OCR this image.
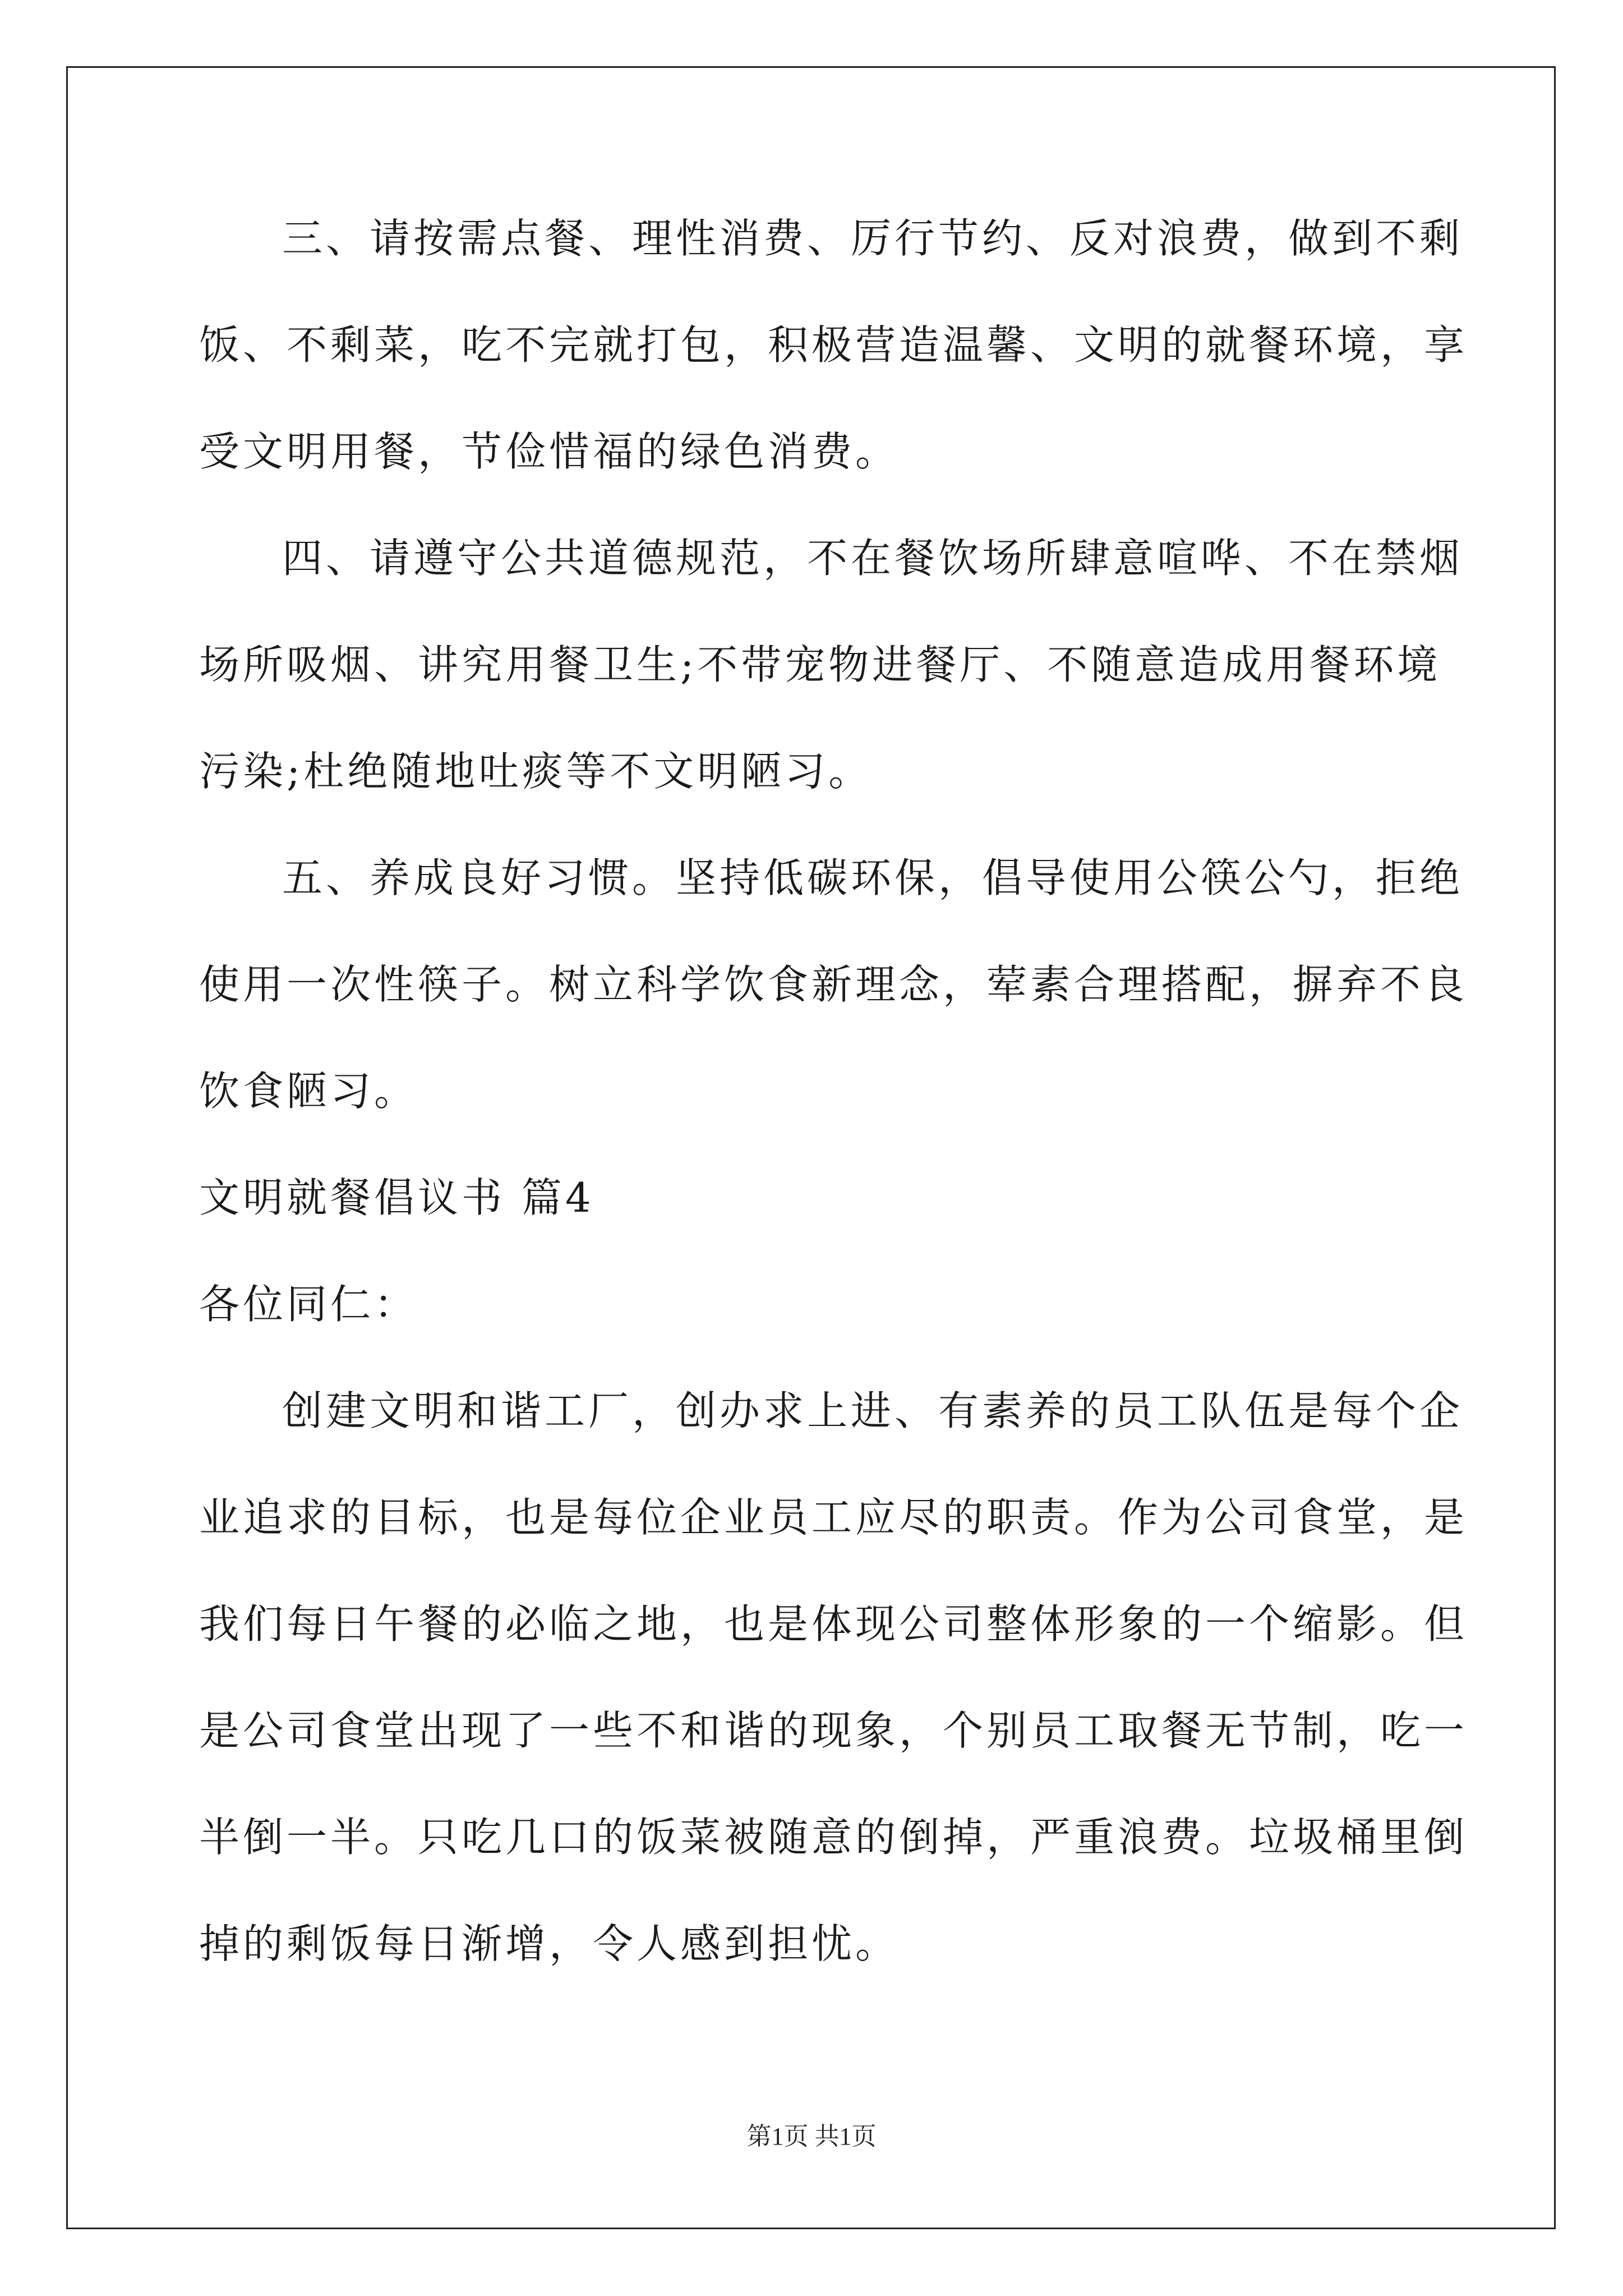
三、请按需点餐、理性消费、厉行节约、反对浪费，做到不剩饭、不剩菜，吃不完就打包，积极营造温馨、文明的就餐环境，享受文明用餐，节俭惜福的绿色消费。

四、请遵守公共道德规范，不在餐饮场所肆意喧哗、不在禁烟场所吸烟、讲究用餐卫生;不带宠物进餐厅、不随意造成用餐环境污染;杜绝随地吐痰等不文明陋习。

五、养成良好习惯。坚持低碳环保，倡导使用公筷公勺，拒绝使用一次性筷子。树立科学饮食新理念，荤素合理搭配，摒弃不良饮食陋习。

文明就餐倡议书 篇4

各位同仁：

创建文明和谐工厂，创办求上进、有素养的员工队伍是每个企业追求的目标，也是每位企业员工应尽的职责。作为公司食堂，是我们每日午餐的必临之地，也是体现公司整体形象的一个缩影。但是公司食堂出现了一些不和谐的现象，个别员工取餐无节制，吃一半倒一半。只吃几口的饭菜被随意的倒掉，严重浪费。垃圾桶里倒掉的剩饭每日渐增，令人感到担忧。

第1页 共1页
